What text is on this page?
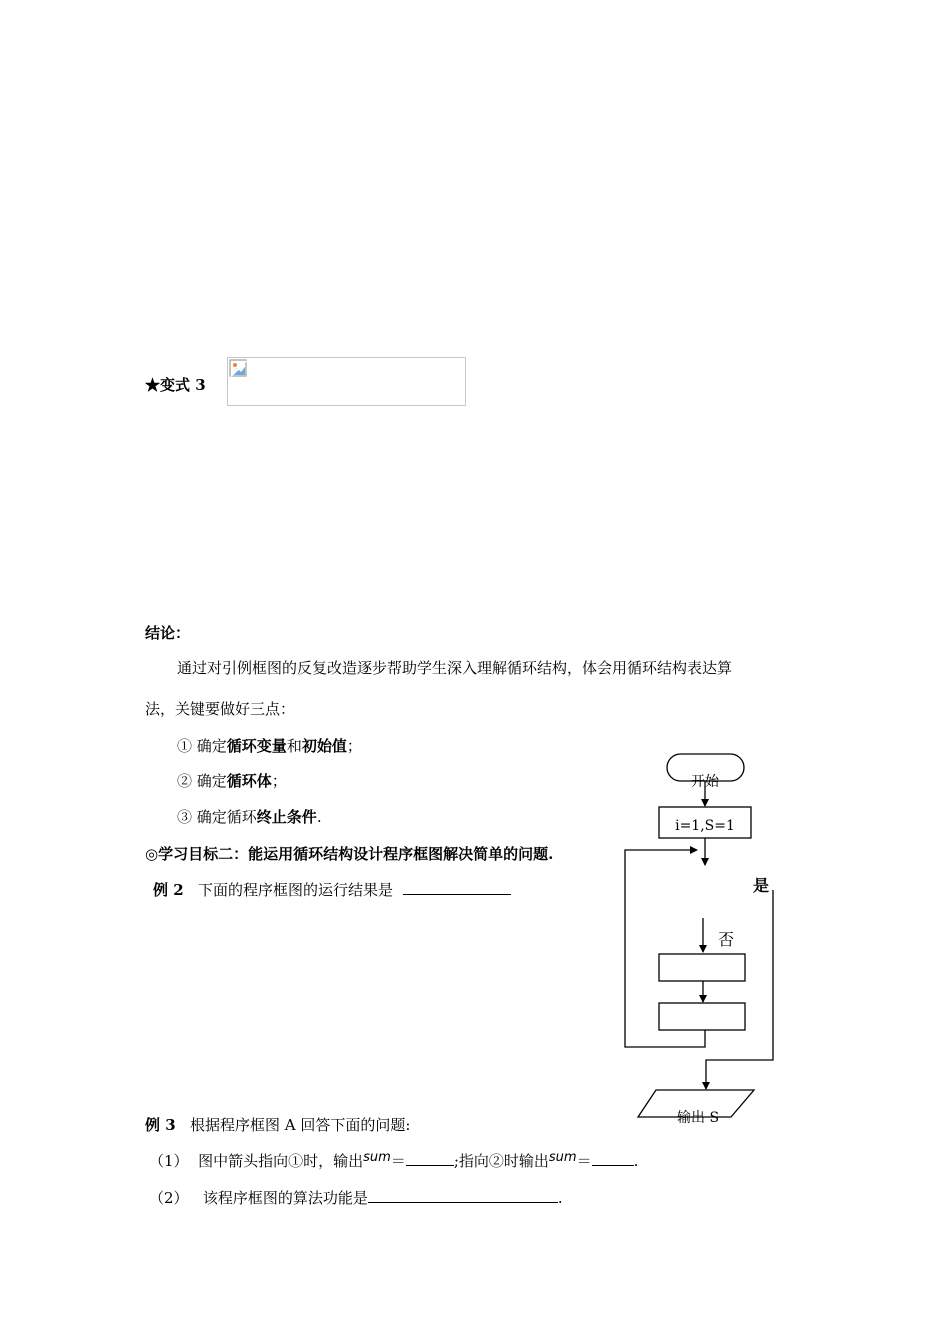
★变式 3
结论：
通过对引例框图的反复改造逐步帮助学生深入理解循环结构，体会用循环结构表达算
法，关键要做好三点：
① 确定循环变量和初始值；
② 确定循环体；
③ 确定循环终止条件.
◎学习目标二：能运用循环结构设计程序框图解决简单的问题.
例 2 下面的程序框图的运行结果是
开始
i=1,S=1
是
否
输出 S
例 3 根据程序框图 A 回答下面的问题:
（1） 图中箭头指向①时，输出sum＝	;指向②时输出sum＝	.
（2） 该程序框图的算法功能是	.
